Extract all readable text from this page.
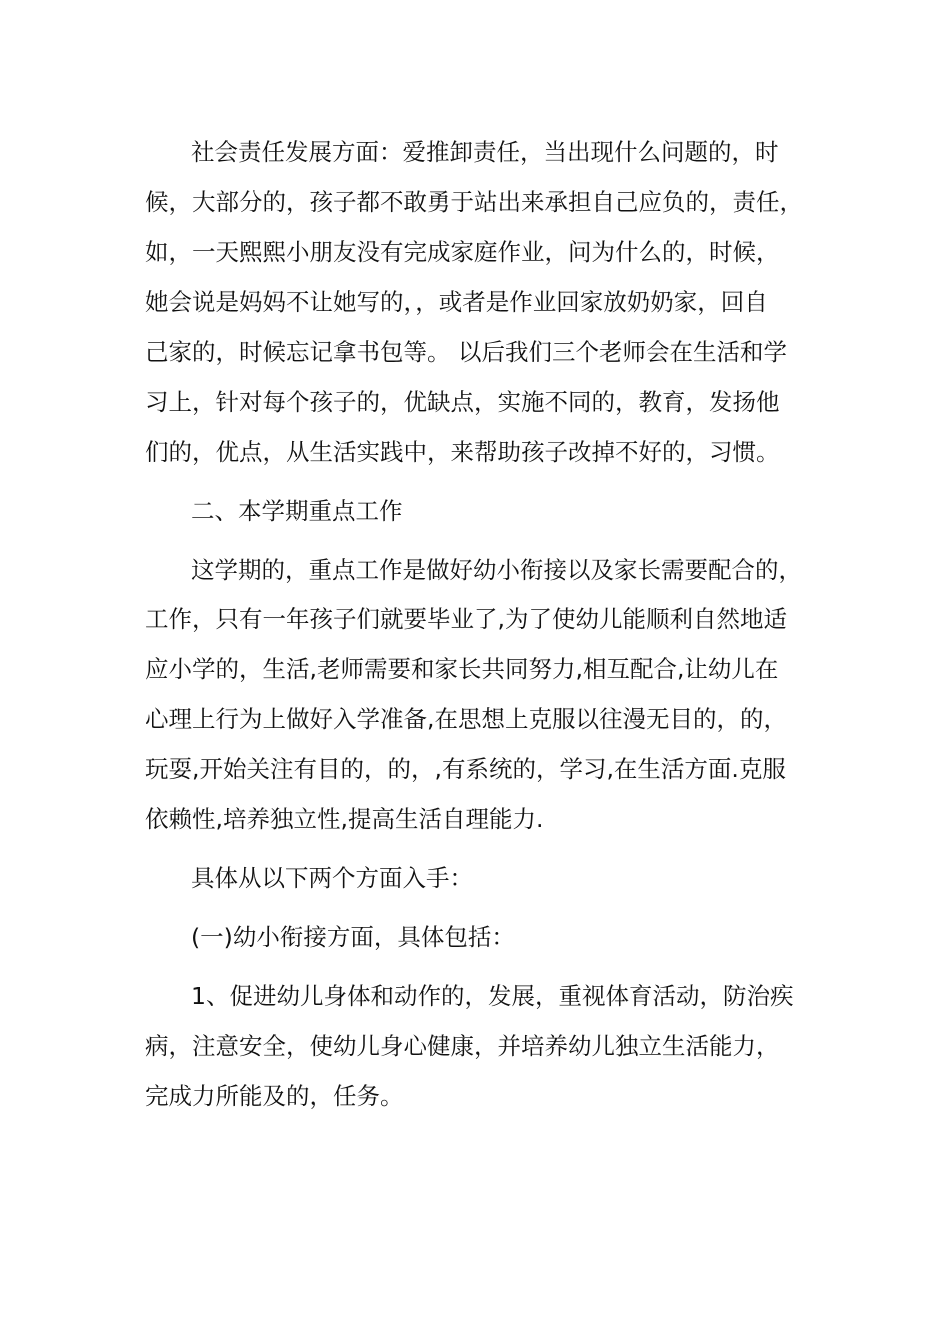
社会责任发展方面：爱推卸责任，当出现什么问题的，时

候，大部分的，孩子都不敢勇于站出来承担自己应负的，责任，

如，一天熙熙小朋友没有完成家庭作业，问为什么的，时候，

她会说是妈妈不让她写的，，或者是作业回家放奶奶家，回自

己家的，时候忘记拿书包等。 以后我们三个老师会在生活和学

习上，针对每个孩子的，优缺点，实施不同的，教育，发扬他

们的，优点，从生活实践中，来帮助孩子改掉不好的，习惯。

二、本学期重点工作

这学期的，重点工作是做好幼小衔接以及家长需要配合的，

工作，只有一年孩子们就要毕业了,为了使幼儿能顺利自然地适

应小学的，生活,老师需要和家长共同努力,相互配合,让幼儿在

心理上行为上做好入学准备,在思想上克服以往漫无目的，的，

玩耍,开始关注有目的，的，,有系统的，学习,在生活方面.克服

依赖性,培养独立性,提高生活自理能力.

具体从以下两个方面入手：

(一)幼小衔接方面，具体包括：

1、促进幼儿身体和动作的，发展，重视体育活动，防治疾

病，注意安全，使幼儿身心健康，并培养幼儿独立生活能力，

完成力所能及的，任务。
